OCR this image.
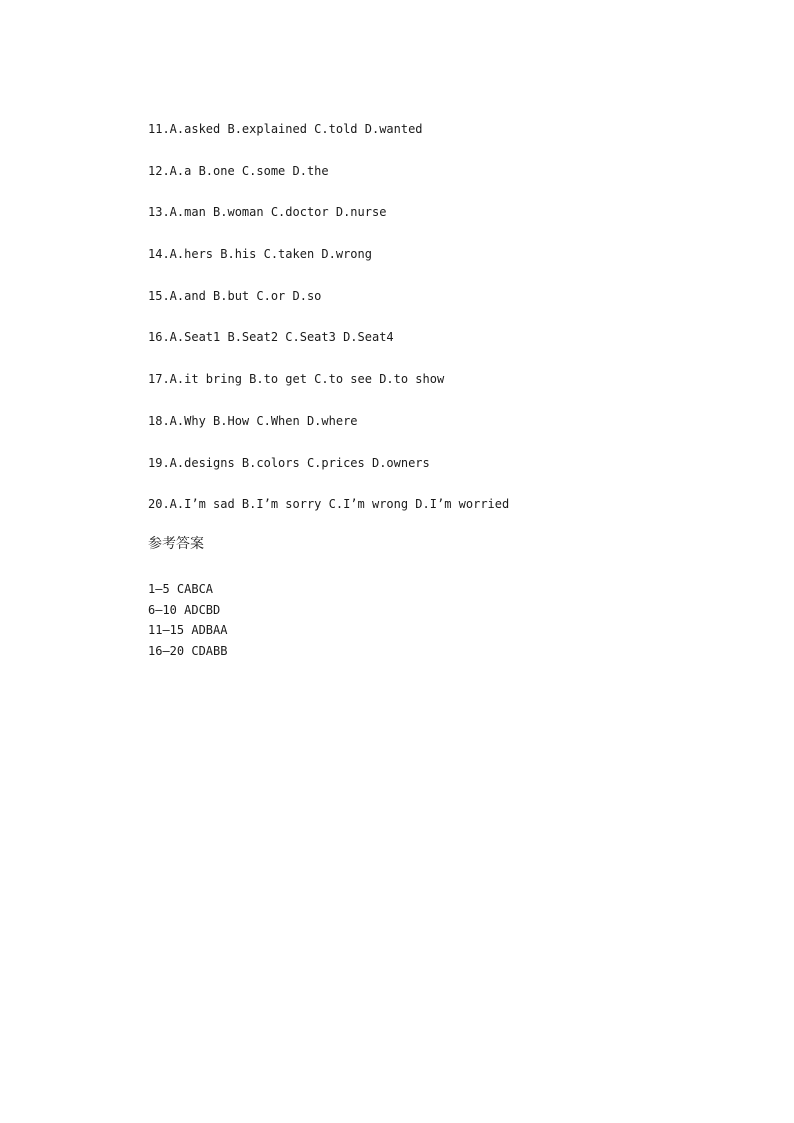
11.A.asked B.explained C.told D.wanted
12.A.a B.one C.some D.the
13.A.man B.woman C.doctor D.nurse
14.A.hers B.his C.taken D.wrong
15.A.and B.but C.or D.so
16.A.Seat1 B.Seat2 C.Seat3 D.Seat4
17.A.it bring B.to get C.to see D.to show
18.A.Why B.How C.When D.where
19.A.designs B.colors C.prices D.owners
20.A.I’m sad B.I’m sorry C.I’m wrong D.I’m worried
参考答案
1—5 CABCA
6—10 ADCBD
11—15 ADBAA
16—20 CDABB
